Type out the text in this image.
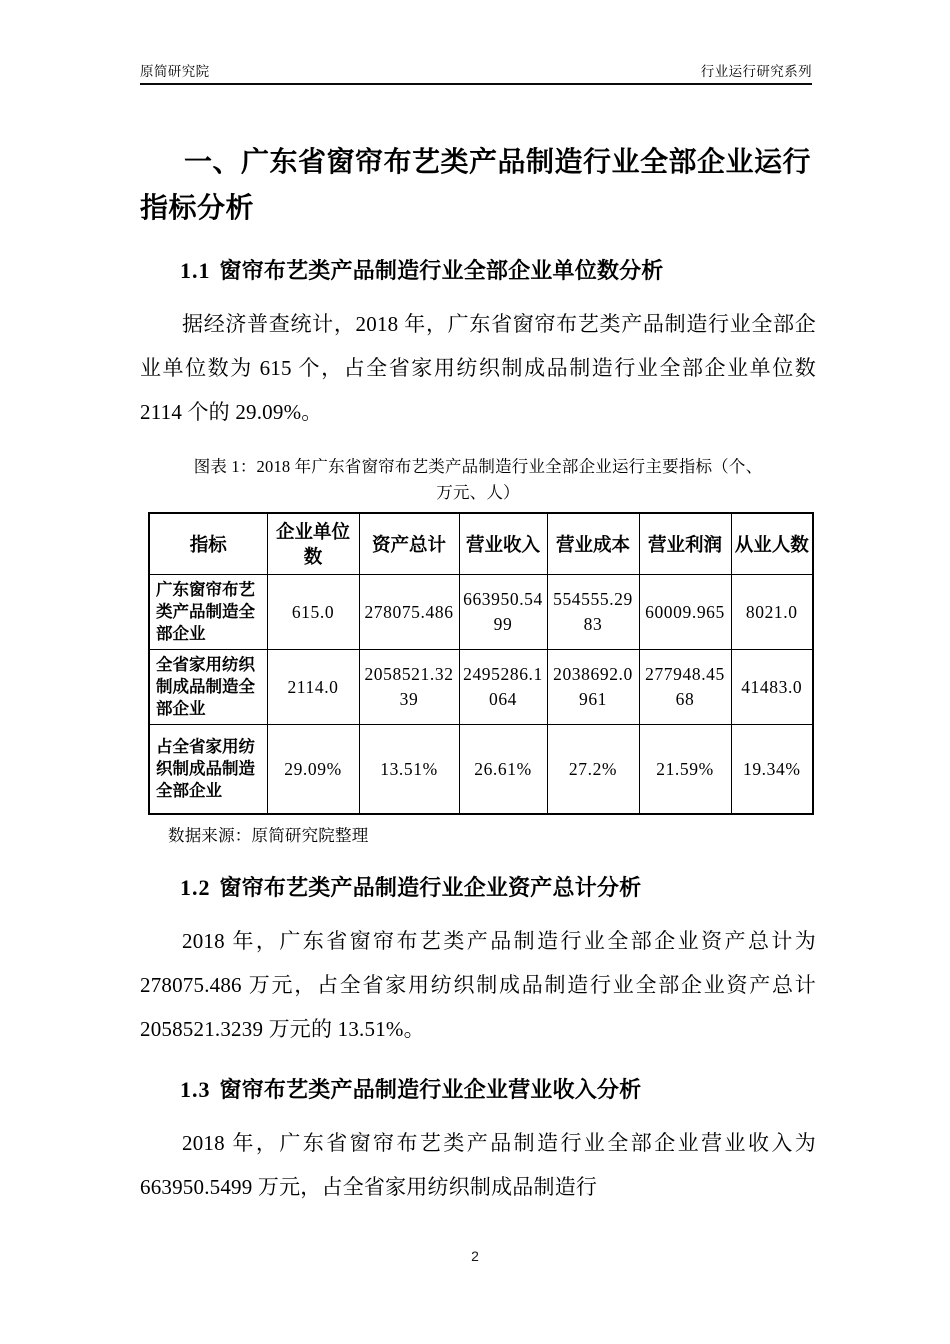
原简研究院	行业运行研究系列
一、广东省窗帘布艺类产品制造行业全部企业运行指标分析
1.1 窗帘布艺类产品制造行业全部企业单位数分析

据经济普查统计，2018 年，广东省窗帘布艺类产品制造行业全部企业单位数为 615 个，占全省家用纺织制成品制造行业全部企业单位数 2114 个的 29.09%。

图表 1：2018 年广东省窗帘布艺类产品制造行业全部企业运行主要指标（个、
万元、人）
指标	企业单位数	资产总计	营业收入	营业成本	营业利润	从业人数
广东窗帘布艺类产品制造全部企业	615.0	278075.486	663950.5499	554555.2983	60009.965	8021.0
全省家用纺织制成品制造全部企业	2114.0	2058521.3239	2495286.1064	2038692.0961	277948.4568	41483.0
占全省家用纺织制成品制造全部企业	29.09%	13.51%	26.61%	27.2%	21.59%	19.34%
数据来源：原简研究院整理
1.2 窗帘布艺类产品制造行业企业资产总计分析

2018 年，广东省窗帘布艺类产品制造行业全部企业资产总计为 278075.486 万元，占全省家用纺织制成品制造行业全部企业资产总计 2058521.3239 万元的 13.51%。

1.3 窗帘布艺类产品制造行业企业营业收入分析

2018 年，广东省窗帘布艺类产品制造行业全部企业营业收入为 663950.5499 万元，占全省家用纺织制成品制造行

2
